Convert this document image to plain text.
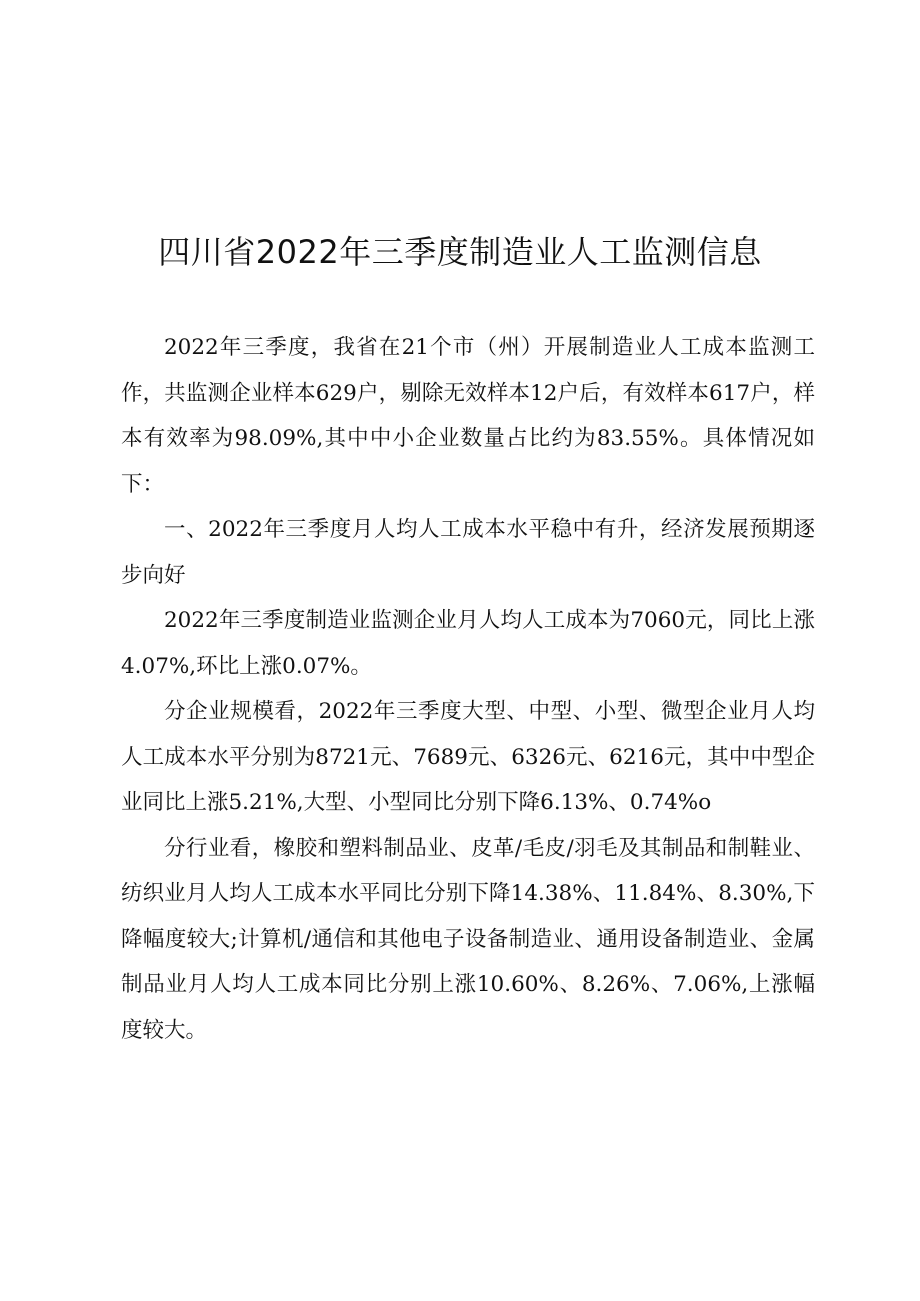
四川省2022年三季度制造业人工监测信息

2022年三季度，我省在21个市（州）开展制造业人工成本监测工作，共监测企业样本629户，剔除无效样本12户后，有效样本617户，样本有效率为98.09%,其中中小企业数量占比约为83.55%。具体情况如下：

一、2022年三季度月人均人工成本水平稳中有升，经济发展预期逐步向好

2022年三季度制造业监测企业月人均人工成本为7060元，同比上涨4.07%,环比上涨0.07%。

分企业规模看，2022年三季度大型、中型、小型、微型企业月人均人工成本水平分别为8721元、7689元、6326元、6216元，其中中型企业同比上涨5.21%,大型、小型同比分别下降6.13%、0.74%o

分行业看，橡胶和塑料制品业、皮革/毛皮/羽毛及其制品和制鞋业、纺织业月人均人工成本水平同比分别下降14.38%、11.84%、8.30%,下降幅度较大;计算机/通信和其他电子设备制造业、通用设备制造业、金属制品业月人均人工成本同比分别上涨10.60%、8.26%、7.06%,上涨幅度较大。
